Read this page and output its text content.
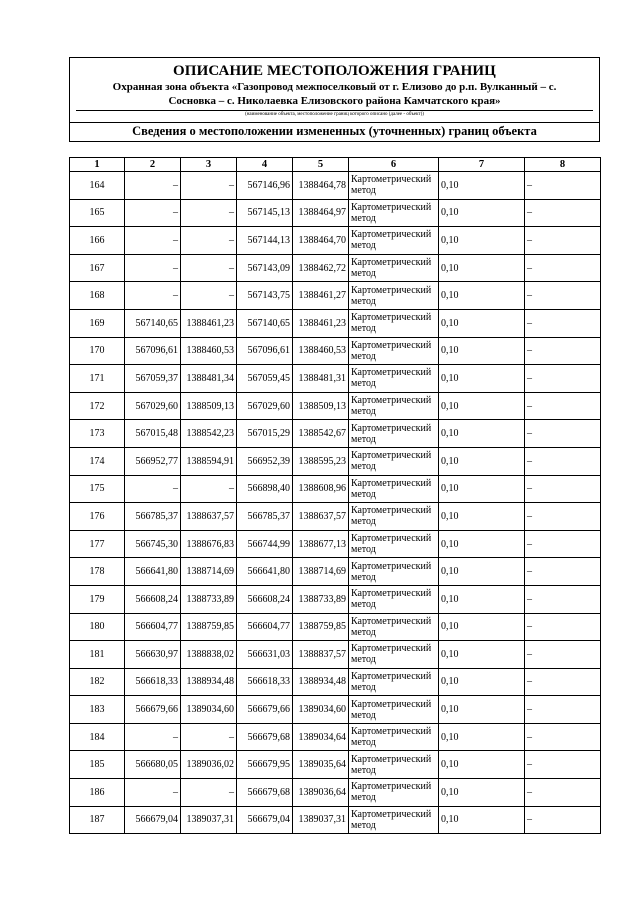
ОПИСАНИЕ МЕСТОПОЛОЖЕНИЯ ГРАНИЦ
Охранная зона объекта «Газопровод межпоселковый от г. Елизово до р.п. Вулканный – с.
Сосновка – с. Николаевка Елизовского района Камчатского края»
(наименование объекта, местоположение границ которого описано (далее - объект))
Сведения о местоположении измененных (уточненных) границ объекта
1	2	3	4	5	6	7	8
164	–	–	567146,96	1388464,78	Картометрический метод	0,10	–
165	–	–	567145,13	1388464,97	Картометрический метод	0,10	–
166	–	–	567144,13	1388464,70	Картометрический метод	0,10	–
167	–	–	567143,09	1388462,72	Картометрический метод	0,10	–
168	–	–	567143,75	1388461,27	Картометрический метод	0,10	–
169	567140,65	1388461,23	567140,65	1388461,23	Картометрический метод	0,10	–
170	567096,61	1388460,53	567096,61	1388460,53	Картометрический метод	0,10	–
171	567059,37	1388481,34	567059,45	1388481,31	Картометрический метод	0,10	–
172	567029,60	1388509,13	567029,60	1388509,13	Картометрический метод	0,10	–
173	567015,48	1388542,23	567015,29	1388542,67	Картометрический метод	0,10	–
174	566952,77	1388594,91	566952,39	1388595,23	Картометрический метод	0,10	–
175	–	–	566898,40	1388608,96	Картометрический метод	0,10	–
176	566785,37	1388637,57	566785,37	1388637,57	Картометрический метод	0,10	–
177	566745,30	1388676,83	566744,99	1388677,13	Картометрический метод	0,10	–
178	566641,80	1388714,69	566641,80	1388714,69	Картометрический метод	0,10	–
179	566608,24	1388733,89	566608,24	1388733,89	Картометрический метод	0,10	–
180	566604,77	1388759,85	566604,77	1388759,85	Картометрический метод	0,10	–
181	566630,97	1388838,02	566631,03	1388837,57	Картометрический метод	0,10	–
182	566618,33	1388934,48	566618,33	1388934,48	Картометрический метод	0,10	–
183	566679,66	1389034,60	566679,66	1389034,60	Картометрический метод	0,10	–
184	–	–	566679,68	1389034,64	Картометрический метод	0,10	–
185	566680,05	1389036,02	566679,95	1389035,64	Картометрический метод	0,10	–
186	–	–	566679,68	1389036,64	Картометрический метод	0,10	–
187	566679,04	1389037,31	566679,04	1389037,31	Картометрический метод	0,10	–
